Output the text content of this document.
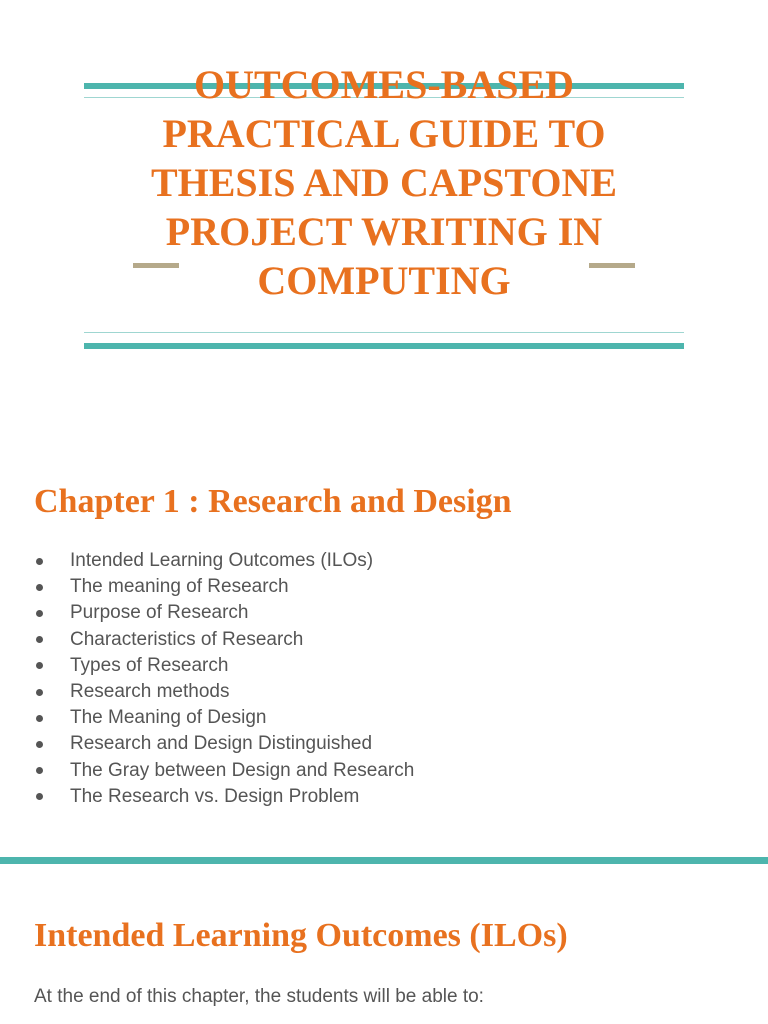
OUTCOMES-BASED
PRACTICAL GUIDE TO
THESIS AND CAPSTONE
PROJECT WRITING IN
COMPUTING
Chapter 1 : Research and Design
Intended Learning Outcomes (ILOs)
The meaning of Research
Purpose of Research
Characteristics of Research
Types of Research
Research methods
The Meaning of Design
Research and Design Distinguished
The Gray between Design and Research
The Research vs. Design Problem
Intended Learning Outcomes (ILOs)

At the end of this chapter, the students will be able to:
